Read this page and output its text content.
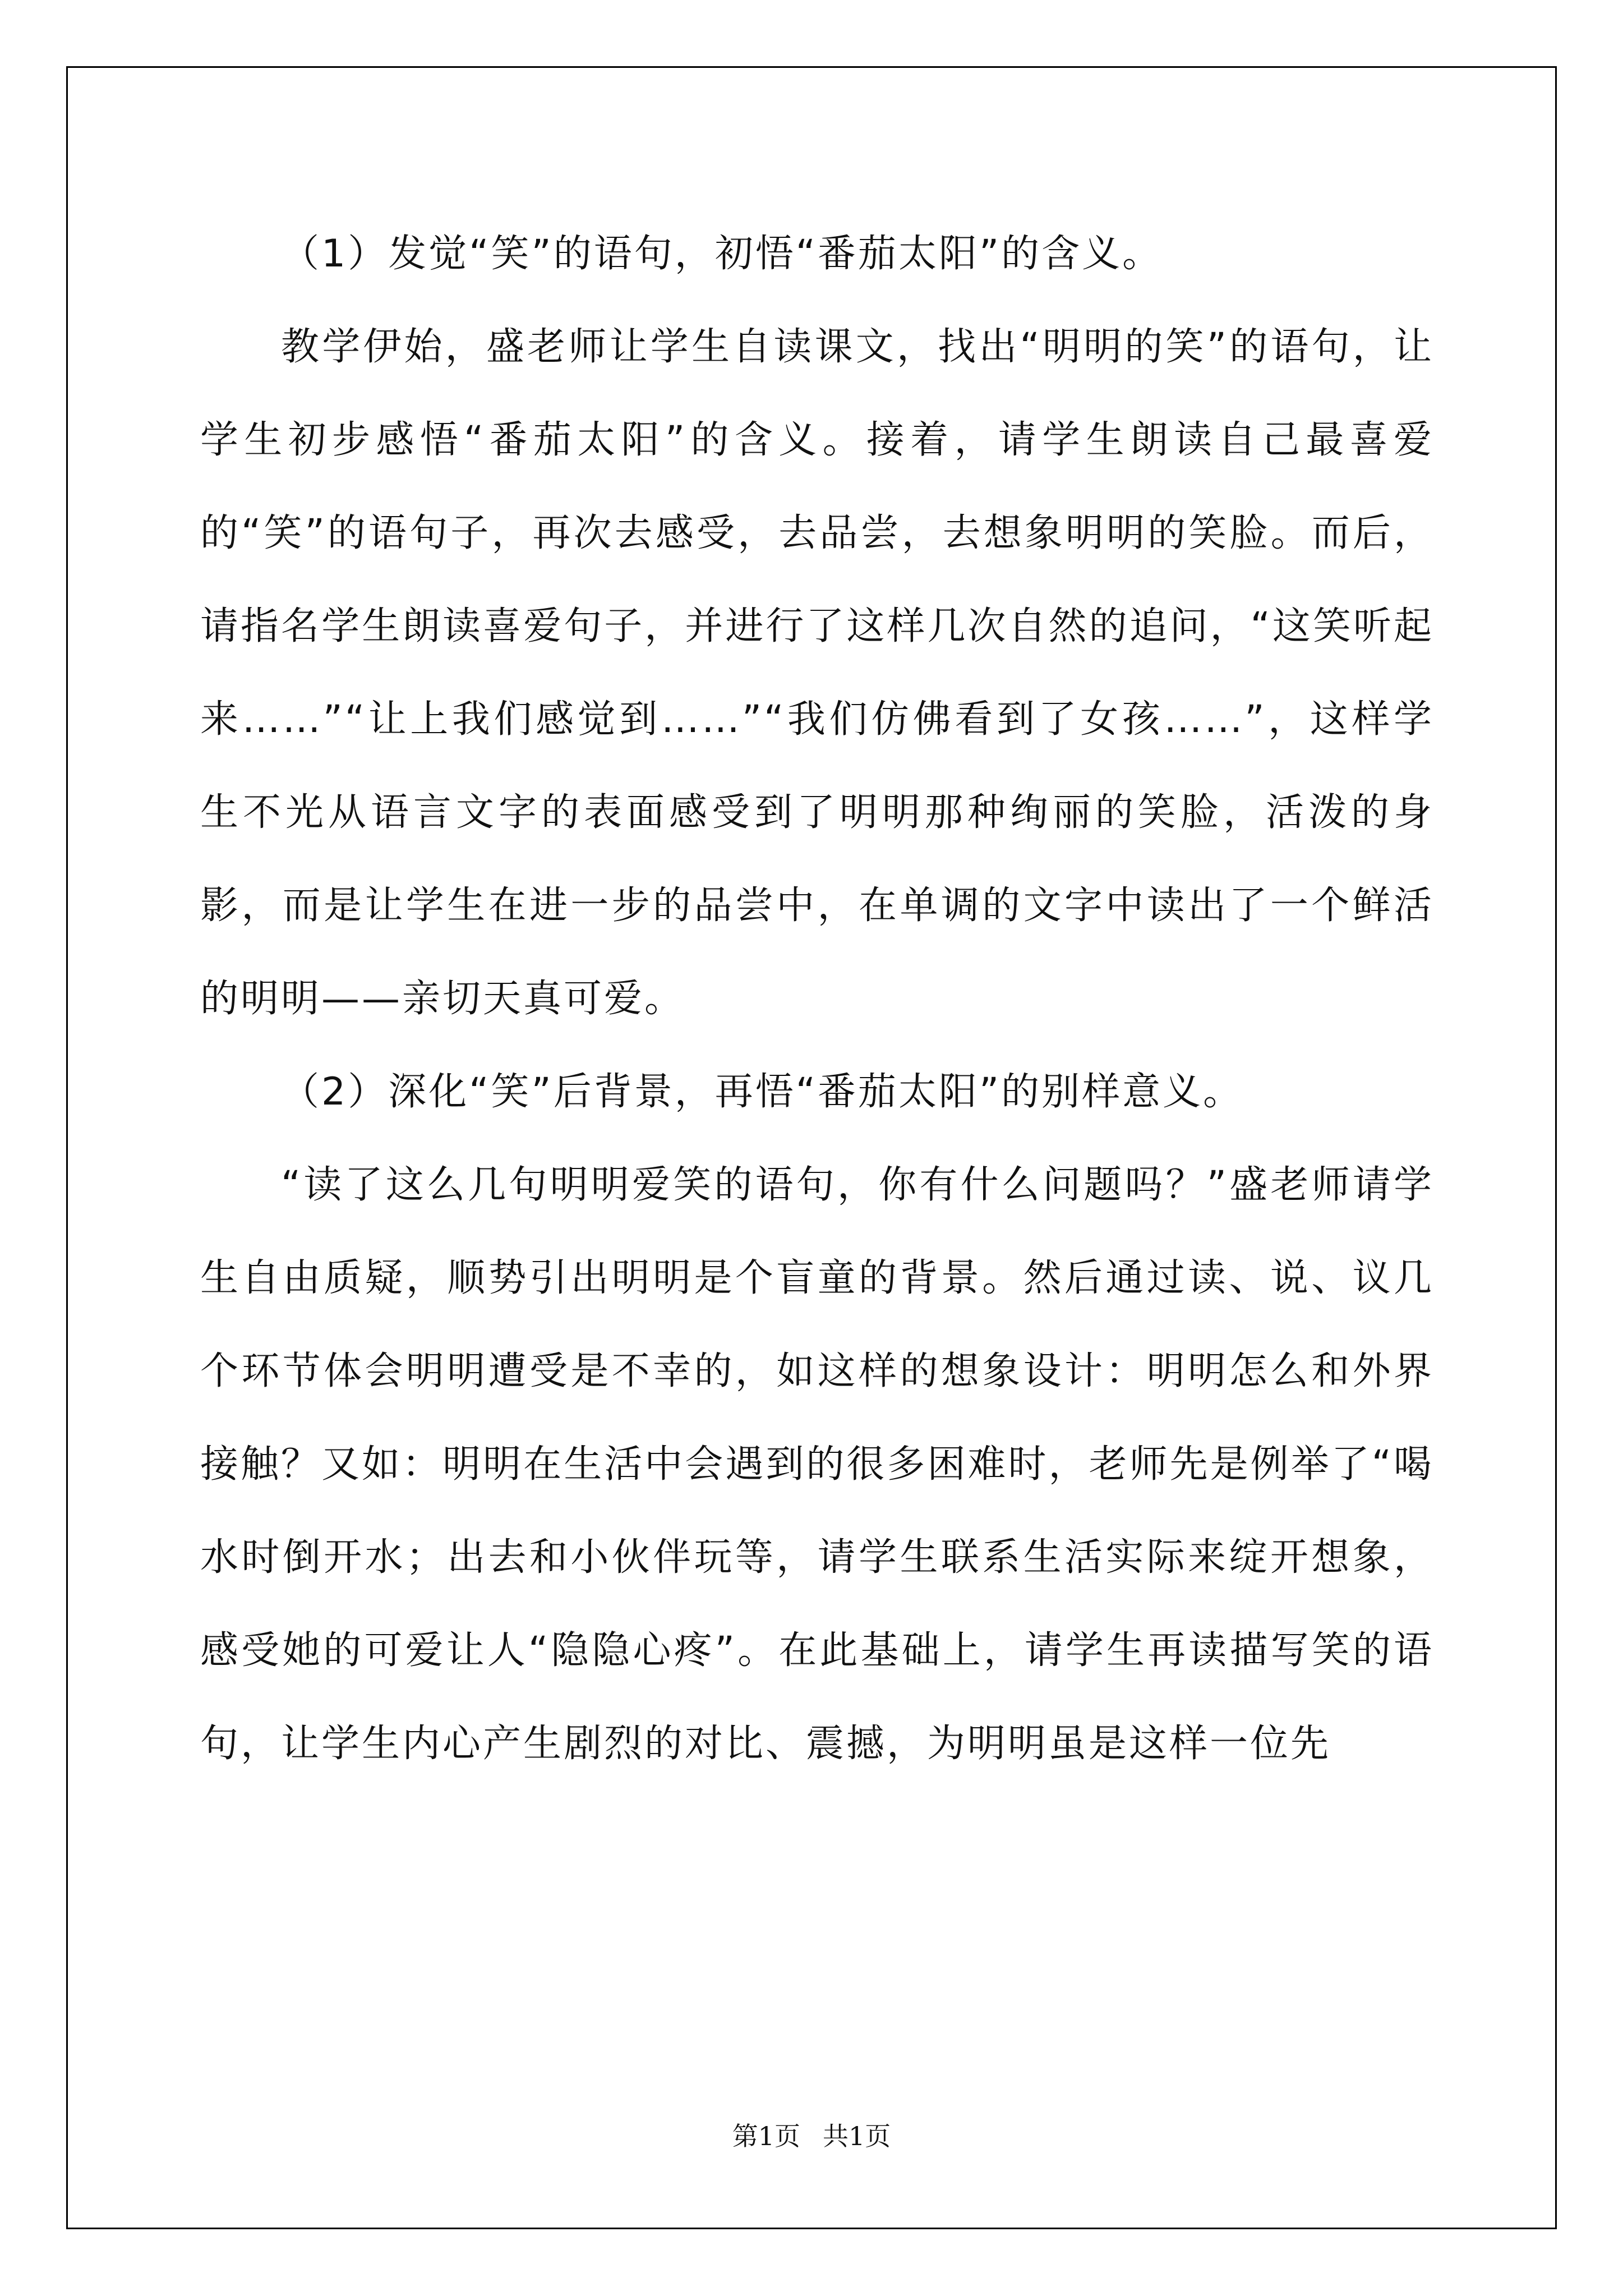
（1）发觉“笑”的语句，初悟“番茄太阳”的含义。

教学伊始，盛老师让学生自读课文，找出“明明的笑”的语句，让学生初步感悟“番茄太阳”的含义。接着，请学生朗读自己最喜爱的“笑”的语句子，再次去感受，去品尝，去想象明明的笑脸。而后，请指名学生朗读喜爱句子，并进行了这样几次自然的追问，“这笑听起来……”“让上我们感觉到……”“我们仿佛看到了女孩……”，这样学生不光从语言文字的表面感受到了明明那种绚丽的笑脸，活泼的身影，而是让学生在进一步的品尝中，在单调的文字中读出了一个鲜活的明明——亲切天真可爱。

（2）深化“笑”后背景，再悟“番茄太阳”的别样意义。

“读了这么几句明明爱笑的语句，你有什么问题吗？”盛老师请学生自由质疑，顺势引出明明是个盲童的背景。然后通过读、说、议几个环节体会明明遭受是不幸的，如这样的想象设计：明明怎么和外界接触？又如：明明在生活中会遇到的很多困难时，老师先是例举了“喝水时倒开水；出去和小伙伴玩等，请学生联系生活实际来绽开想象，感受她的可爱让人“隐隐心疼”。在此基础上，请学生再读描写笑的语句，让学生内心产生剧烈的对比、震撼，为明明虽是这样一位先

第1页 共1页
